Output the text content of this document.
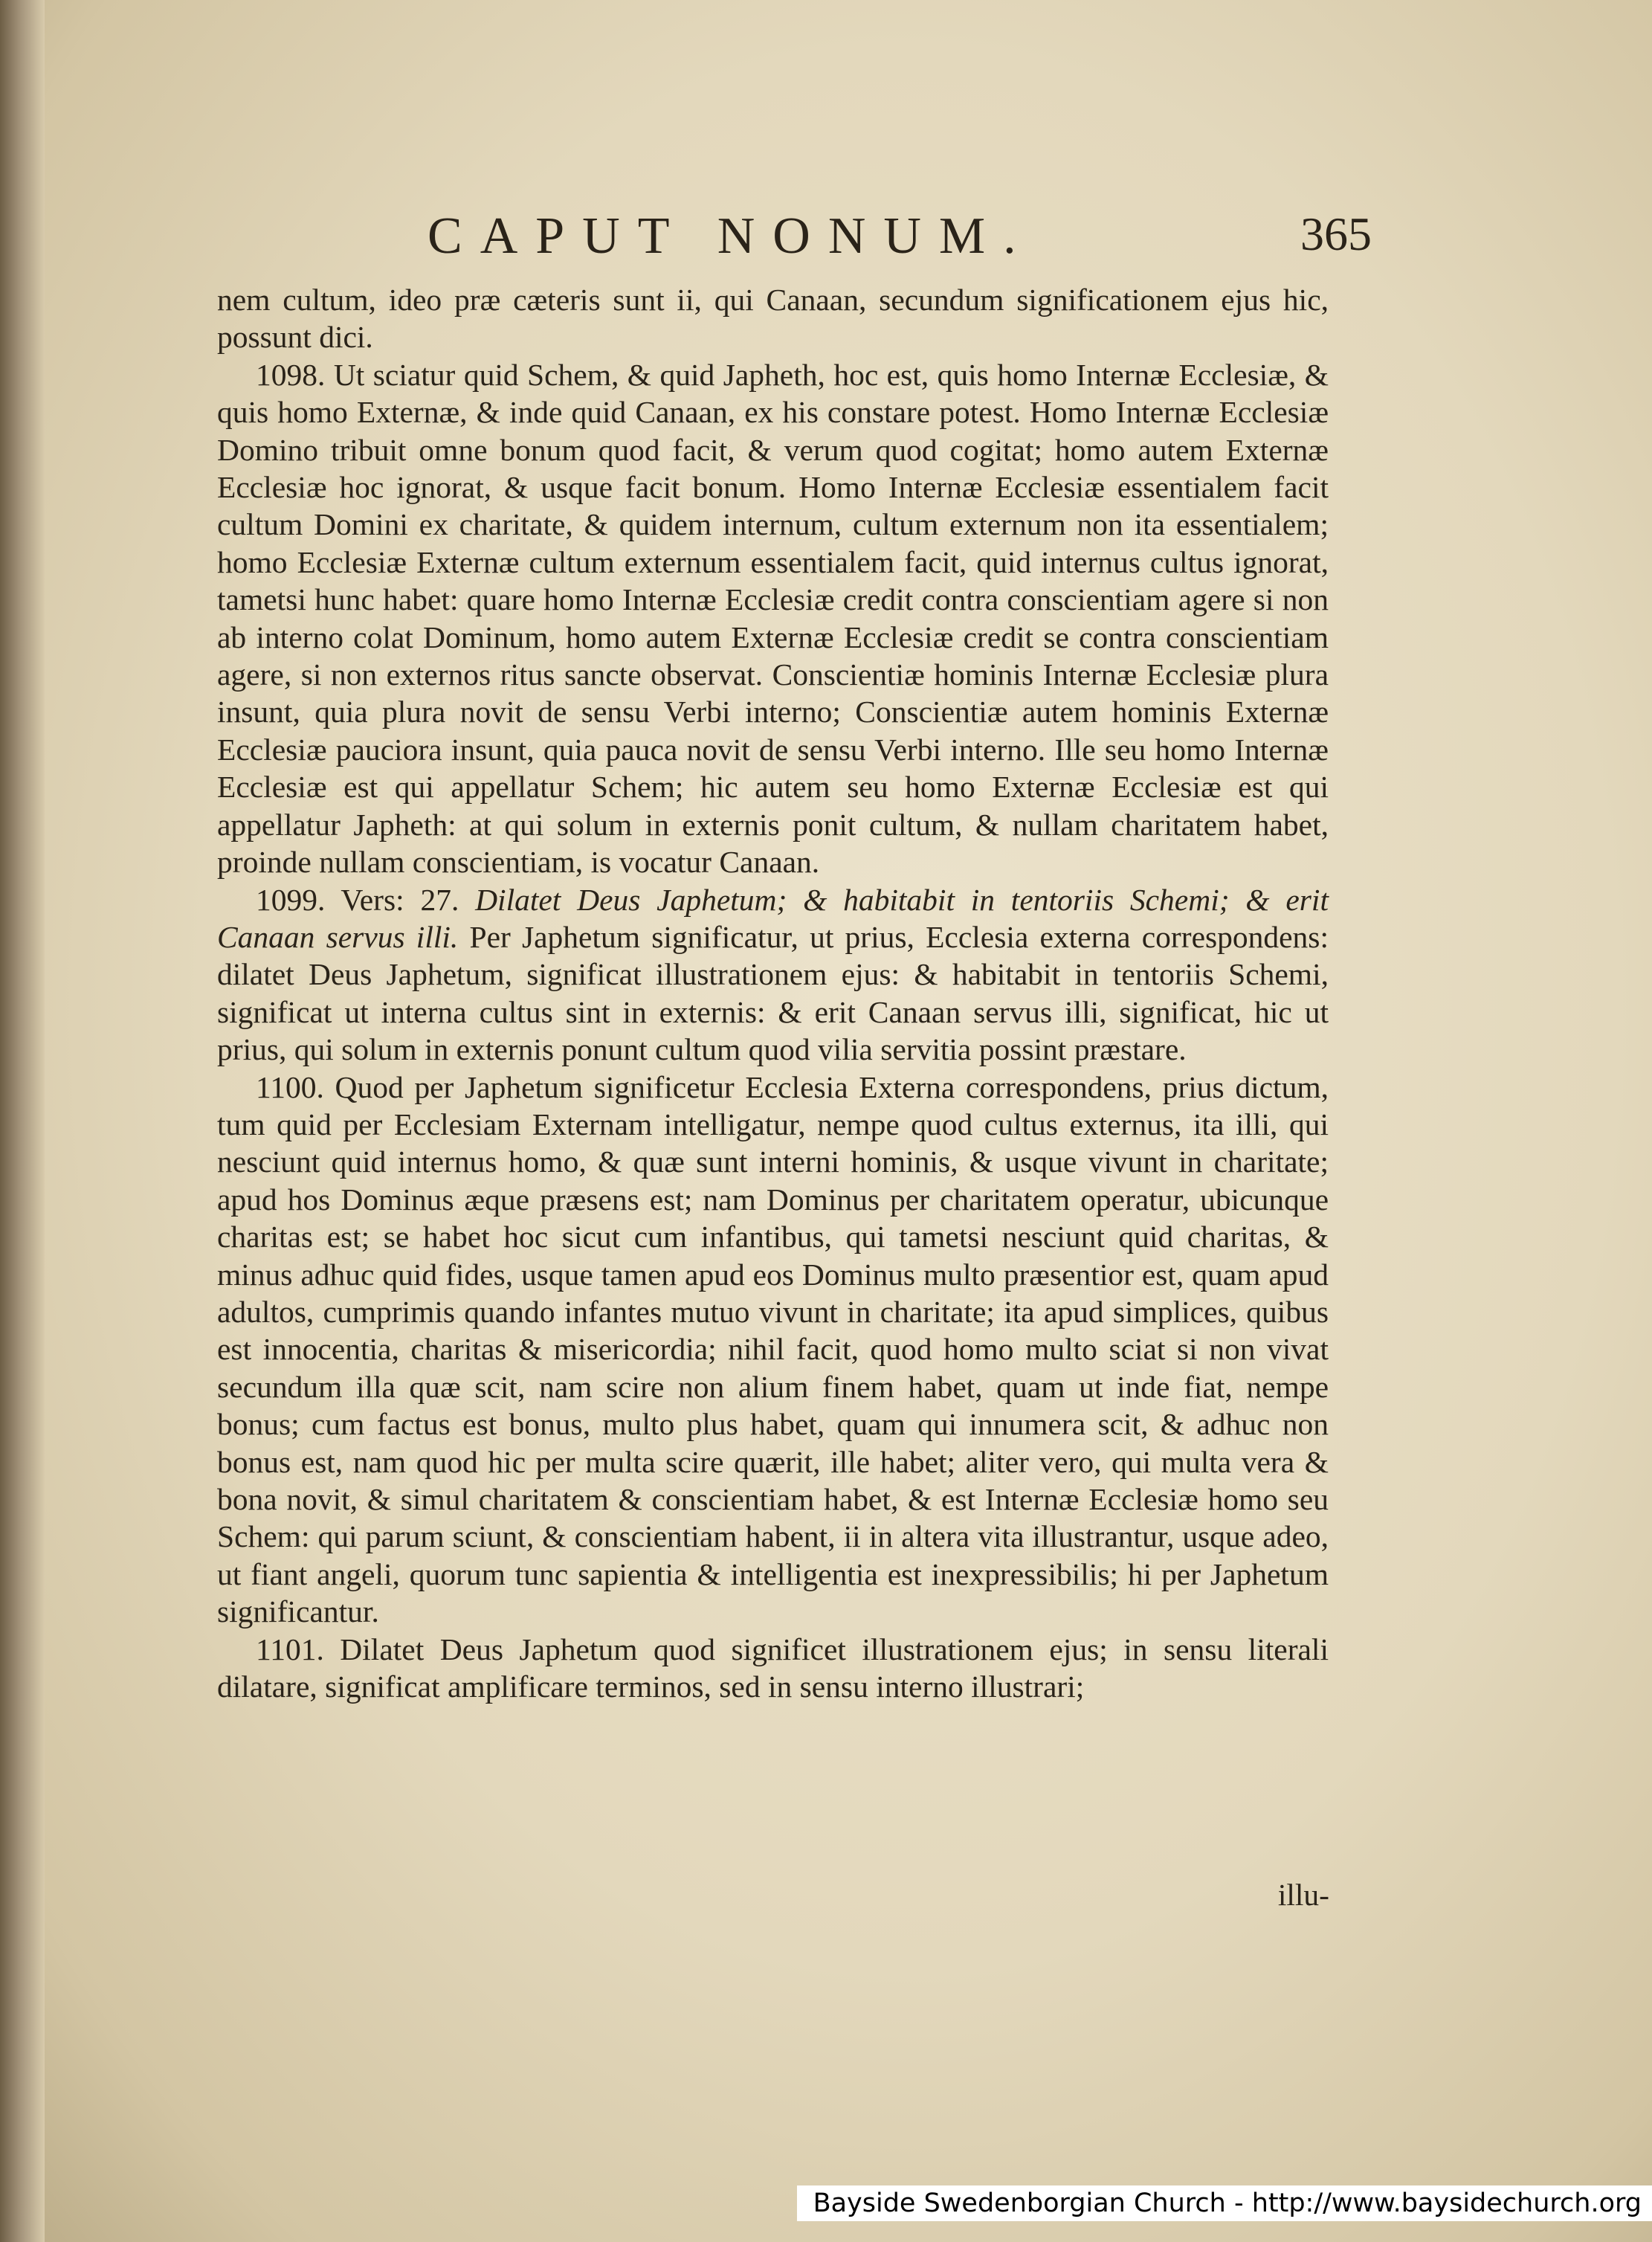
CAPUT NONUM.	365

nem cultum, ideo præ cæteris sunt ii, qui Canaan, secundum significationem ejus hic, possunt dici.

1098. Ut sciatur quid Schem, & quid Japheth, hoc est, quis homo Internæ Ecclesiæ, & quis homo Externæ, & inde quid Canaan, ex his constare potest. Homo Internæ Ecclesiæ Domino tribuit omne bonum quod facit, & verum quod cogitat; homo autem Externæ Ecclesiæ hoc ignorat, & usque facit bonum. Homo Internæ Ecclesiæ essentialem facit cultum Domini ex charitate, & quidem internum, cultum externum non ita essentialem; homo Ecclesiæ Externæ cultum externum essentialem facit, quid internus cultus ignorat, tametsi hunc habet: quare homo Internæ Ecclesiæ credit contra conscientiam agere si non ab interno colat Dominum, homo autem Externæ Ecclesiæ credit se contra conscientiam agere, si non externos ritus sancte observat. Conscientiæ hominis Internæ Ecclesiæ plura insunt, quia plura novit de sensu Verbi interno; Conscientiæ autem hominis Externæ Ecclesiæ pauciora insunt, quia pauca novit de sensu Verbi interno. Ille seu homo Internæ Ecclesiæ est qui appellatur Schem; hic autem seu homo Externæ Ecclesiæ est qui appellatur Japheth: at qui solum in externis ponit cultum, & nullam charitatem habet, proinde nullam conscientiam, is vocatur Canaan.

1099. Vers: 27. Dilatet Deus Japhetum; & habitabit in tentoriis Schemi; & erit Canaan servus illi. Per Japhetum significatur, ut prius, Ecclesia externa correspondens: dilatet Deus Japhetum, significat illustrationem ejus: & habitabit in tentoriis Schemi, significat ut interna cultus sint in externis: & erit Canaan servus illi, significat, hic ut prius, qui solum in externis ponunt cultum quod vilia servitia possint præstare.

1100. Quod per Japhetum significetur Ecclesia Externa correspondens, prius dictum, tum quid per Ecclesiam Externam intelligatur, nempe quod cultus externus, ita illi, qui nesciunt quid internus homo, & quæ sunt interni hominis, & usque vivunt in charitate; apud hos Dominus æque præsens est; nam Dominus per charitatem operatur, ubicunque charitas est; se habet hoc sicut cum infantibus, qui tametsi nesciunt quid charitas, & minus adhuc quid fides, usque tamen apud eos Dominus multo præsentior est, quam apud adultos, cumprimis quando infantes mutuo vivunt in charitate; ita apud simplices, quibus est innocentia, charitas & misericordia; nihil facit, quod homo multo sciat si non vivat secundum illa quæ scit, nam scire non alium finem habet, quam ut inde fiat, nempe bonus; cum factus est bonus, multo plus habet, quam qui innumera scit, & adhuc non bonus est, nam quod hic per multa scire quærit, ille habet; aliter vero, qui multa vera & bona novit, & simul charitatem & conscientiam habet, & est Internæ Ecclesiæ homo seu Schem: qui parum sciunt, & conscientiam habent, ii in altera vita illustrantur, usque adeo, ut fiant angeli, quorum tunc sapientia & intelligentia est inexpressibilis; hi per Japhetum significantur.

1101. Dilatet Deus Japhetum quod significet illustrationem ejus; in sensu literali dilatare, significat amplificare terminos, sed in sensu interno illustrari;

illu-
Bayside Swedenborgian Church - http://www.baysidechurch.org
